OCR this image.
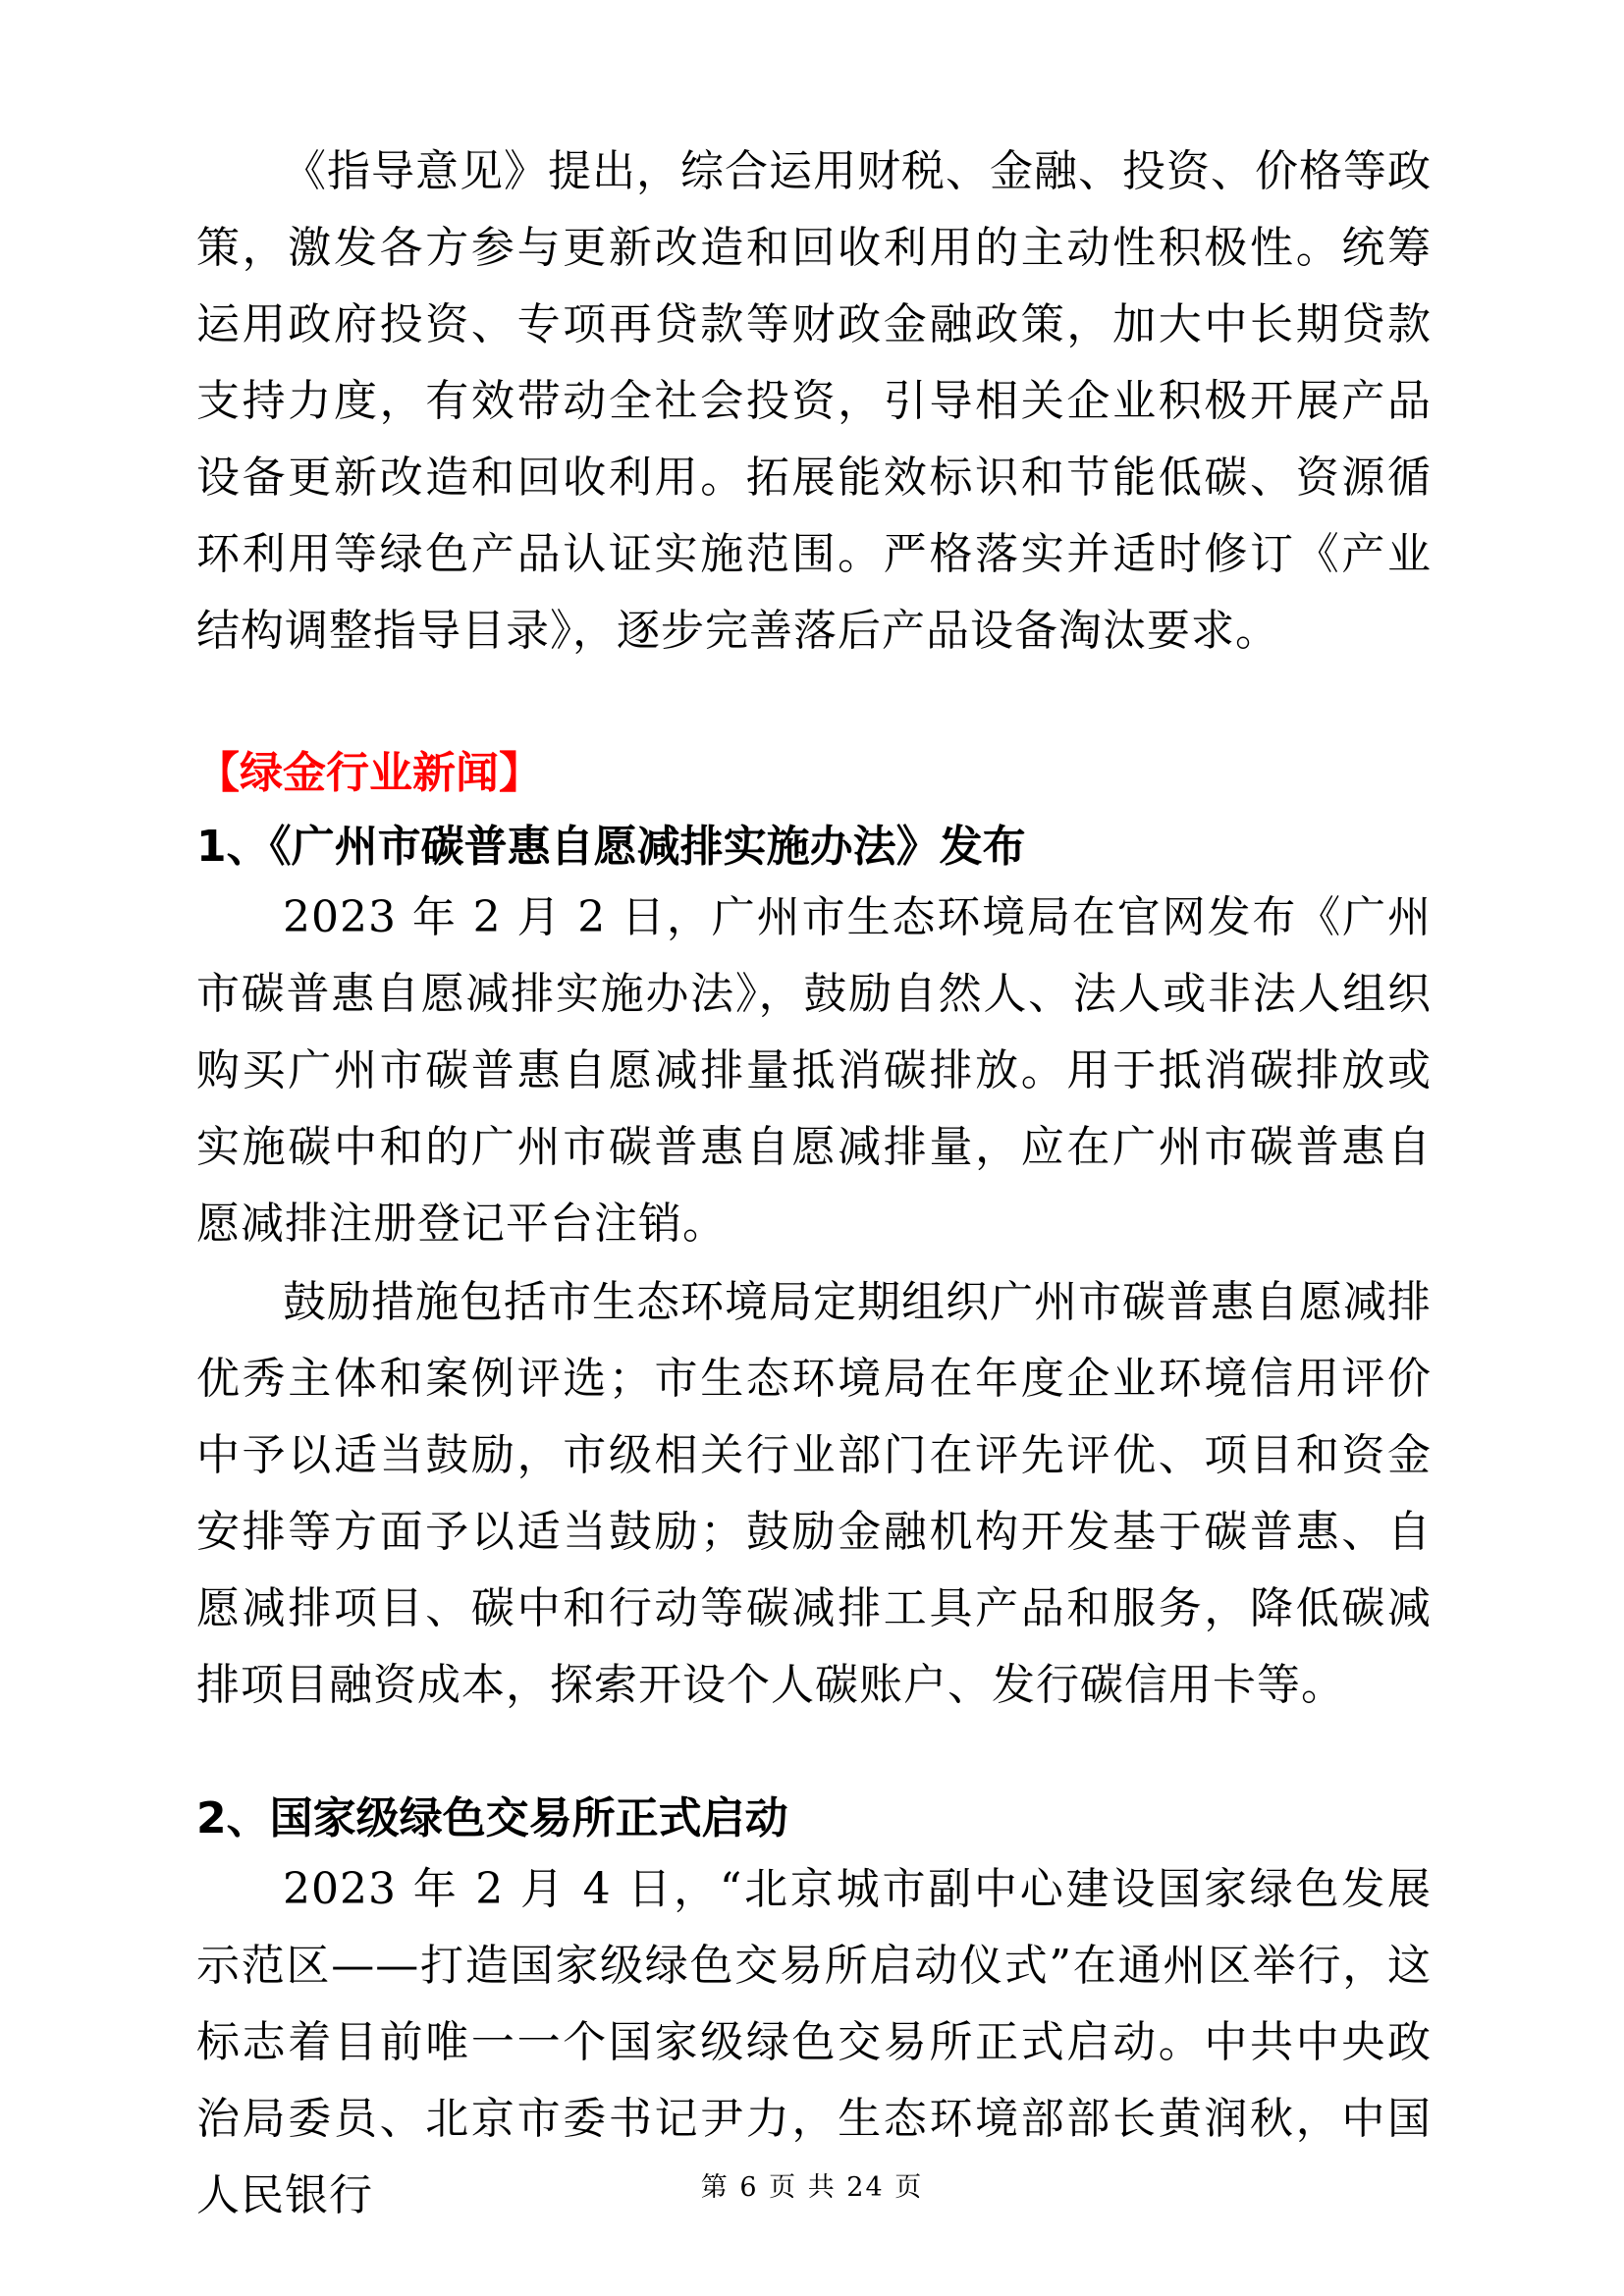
《指导意见》提出，综合运用财税、金融、投资、价格等政策，激发各方参与更新改造和回收利用的主动性积极性。统筹运用政府投资、专项再贷款等财政金融政策，加大中长期贷款支持力度，有效带动全社会投资，引导相关企业积极开展产品设备更新改造和回收利用。拓展能效标识和节能低碳、资源循环利用等绿色产品认证实施范围。严格落实并适时修订《产业结构调整指导目录》，逐步完善落后产品设备淘汰要求。

【绿金行业新闻】
1、《广州市碳普惠自愿减排实施办法》发布

2023 年 2 月 2 日，广州市生态环境局在官网发布《广州市碳普惠自愿减排实施办法》，鼓励自然人、法人或非法人组织购买广州市碳普惠自愿减排量抵消碳排放。用于抵消碳排放或实施碳中和的广州市碳普惠自愿减排量，应在广州市碳普惠自愿减排注册登记平台注销。

鼓励措施包括市生态环境局定期组织广州市碳普惠自愿减排优秀主体和案例评选；市生态环境局在年度企业环境信用评价中予以适当鼓励，市级相关行业部门在评先评优、项目和资金安排等方面予以适当鼓励；鼓励金融机构开发基于碳普惠、自愿减排项目、碳中和行动等碳减排工具产品和服务，降低碳减排项目融资成本，探索开设个人碳账户、发行碳信用卡等。

2、国家级绿色交易所正式启动

2023 年 2 月 4 日，“北京城市副中心建设国家绿色发展示范区——打造国家级绿色交易所启动仪式”在通州区举行，这标志着目前唯一一个国家级绿色交易所正式启动。中共中央政治局委员、北京市委书记尹力，生态环境部部长黄润秋，中国人民银行	第 6 页 共 24 页
